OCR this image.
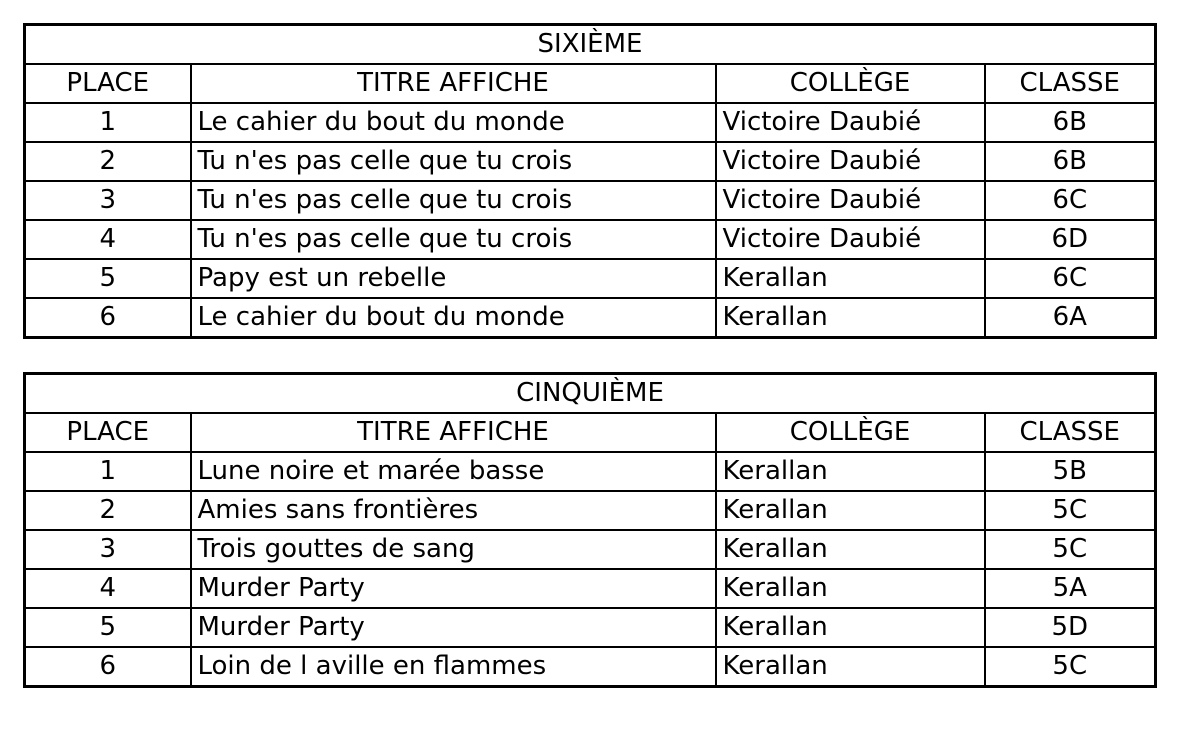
SIXIÈME			
PLACE	TITRE AFFICHE	COLLÈGE	CLASSE
1	Le cahier du bout du monde	Victoire Daubié	6B
2	Tu n'es pas celle que tu crois	Victoire Daubié	6B
3	Tu n'es pas celle que tu crois	Victoire Daubié	6C
4	Tu n'es pas celle que tu crois	Victoire Daubié	6D
5	Papy est un rebelle	Kerallan	6C
6	Le cahier du bout du monde	Kerallan	6A
CINQUIÈME			
PLACE	TITRE AFFICHE	COLLÈGE	CLASSE
1	Lune noire et marée basse	Kerallan	5B
2	Amies sans frontières	Kerallan	5C
3	Trois gouttes de sang	Kerallan	5C
4	Murder Party	Kerallan	5A
5	Murder Party	Kerallan	5D
6	Loin de l aville en flammes	Kerallan	5C
